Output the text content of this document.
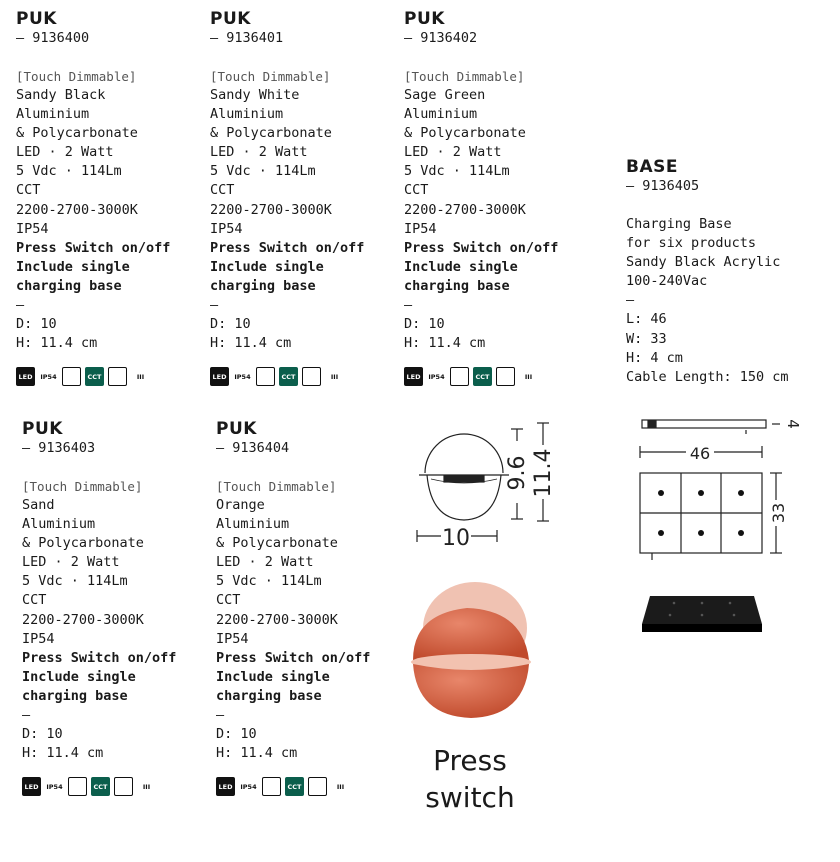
PUK
— 9136400
[Touch Dimmable]
Sandy Black
Aluminium
& Polycarbonate
LED · 2 Watt
5 Vdc · 114Lm
CCT
2200-2700-3000K
IP54
Press Switch on/off
Include single
charging base
—
D: 10
H: 11.4 cm
LED	IP54	CCT	III
PUK
— 9136401
[Touch Dimmable]
Sandy White
Aluminium
& Polycarbonate
LED · 2 Watt
5 Vdc · 114Lm
CCT
2200-2700-3000K
IP54
Press Switch on/off
Include single
charging base
—
D: 10
H: 11.4 cm
LED	IP54	CCT	III
PUK
— 9136402
[Touch Dimmable]
Sage Green
Aluminium
& Polycarbonate
LED · 2 Watt
5 Vdc · 114Lm
CCT
2200-2700-3000K
IP54
Press Switch on/off
Include single
charging base
—
D: 10
H: 11.4 cm
LED	IP54	CCT	III
PUK
— 9136403
[Touch Dimmable]
Sand
Aluminium
& Polycarbonate
LED · 2 Watt
5 Vdc · 114Lm
CCT
2200-2700-3000K
IP54
Press Switch on/off
Include single
charging base
—
D: 10
H: 11.4 cm
LED	IP54	CCT	III
PUK
— 9136404
[Touch Dimmable]
Orange
Aluminium
& Polycarbonate
LED · 2 Watt
5 Vdc · 114Lm
CCT
2200-2700-3000K
IP54
Press Switch on/off
Include single
charging base
—
D: 10
H: 11.4 cm
LED	IP54	CCT	III
BASE
— 9136405
Charging Base
for six products
Sandy Black Acrylic
100-240Vac
—
L: 46
W: 33
H: 4 cm
Cable Length: 150 cm
10
9.6 11.4
Press
switch
4
46
33
